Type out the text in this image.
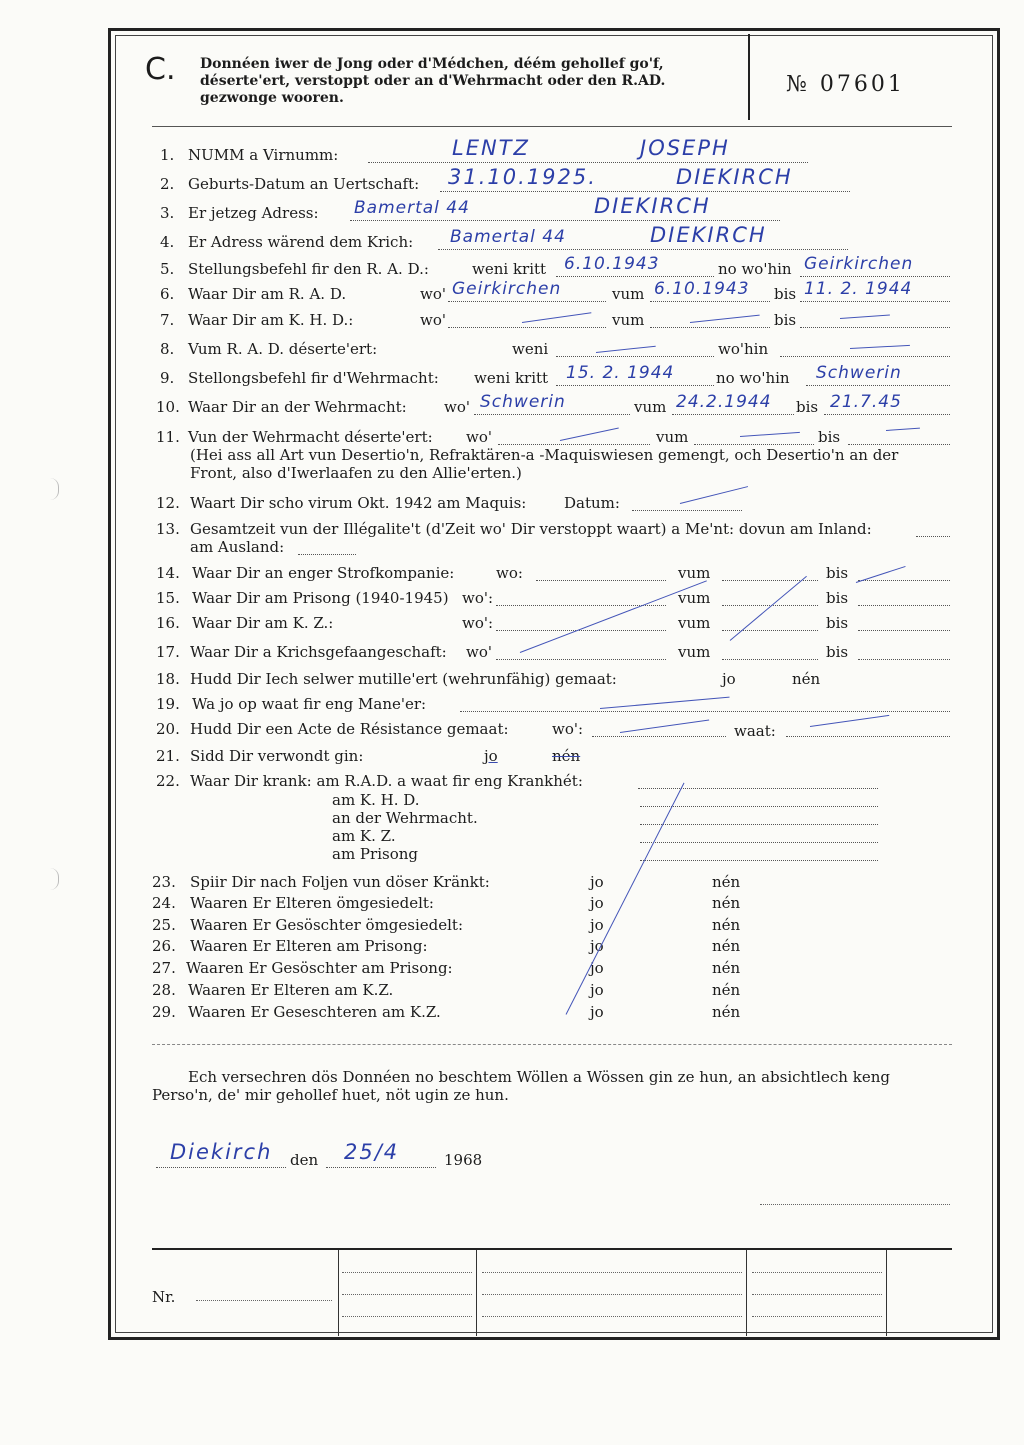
C. Donnéen iwer de Jong oder d'Médchen, déém gehollef go'f, déserte'ert, verstoppt oder an d'Wehrmacht oder den R.AD. gezwonge wooren.
№ 07601
1. NUMM a Virnumm:	LENTZ	JOSEPH
2. Geburts-Datum an Uertschaft: 31.10.1925.	DIEKIRCH
3. Er jetzeg Adress: Bamertal 44	DIEKIRCH
4. Er Adress wärend dem Krich: Bamertal 44	DIEKIRCH
5. Stellungsbefehl fir den R. A. D.:	weni kritt 6.10.1943	no wo'hin Geirkirchen
6. Waar Dir am R. A. D.	wo' Geirkirchen	vum 6.10.1943 bis 11. 2. 1944
7. Waar Dir am K. H. D.:	wo'	vum	bis
8. Vum R. A. D. déserte'ert:	weni	wo'hin
9. Stellongsbefehl fir d'Wehrmacht: weni kritt 15. 2. 1944	no wo'hin Schwerin
10. Waar Dir an der Wehrmacht: wo' Schwerin	vum 24.2.1944 bis 21.7.45
11. Vun der Wehrmacht déserte'ert: wo'	vum	bis
(Hei ass all Art vun Desertio'n, Refraktären-a -Maquiswiesen gemengt, och Desertio'n an der Front, also d'Iwerlaafen zu den Allie'erten.)
12. Waart Dir scho virum Okt. 1942 am Maquis:	Datum:
13. Gesamtzeit vun der Illégalite't (d'Zeit wo' Dir verstoppt waart) a Me'nt: dovun am Inland:
am Ausland:
14. Waar Dir an enger Strofkompanie:	wo:	vum	bis
15. Waar Dir am Prisong (1940-1945) wo':	vum	bis
16. Waar Dir am K. Z.:	wo':	vum	bis
17. Waar Dir a Krichsgefaangeschaft: wo'	vum	bis
18. Hudd Dir Iech selwer mutille'ert (wehrunfähig) gemaat:	jo	nén
19. Wa jo op waat fir eng Mane'er:
20. Hudd Dir een Acte de Résistance gemaat:	wo':	waat:
21. Sidd Dir verwondt gin:	jo	nén
22. Waar Dir krank: am R.A.D. a waat fir eng Krankhét:
am K. H. D.
an der Wehrmacht.
am K. Z.
am Prisong
23. Spiir Dir nach Foljen vun döser Kränkt:	jo	nén
24. Waaren Er Elteren ömgesiedelt:	jo	nén
25. Waaren Er Gesöschter ömgesiedelt:	jo	nén
26. Waaren Er Elteren am Prisong:	jo	nén
27. Waaren Er Gesöschter am Prisong:	jo	nén
28. Waaren Er Elteren am K.Z.	jo	nén
29. Waaren Er Geseschteren am K.Z.	jo	nén
Ech versechren dös Donnéen no beschtem Wöllen a Wössen gin ze hun, an absichtlech keng Perso'n, de' mir gehollef huet, nöt ugin ze hun.
Diekirch den 25/4	1968
Nr.
